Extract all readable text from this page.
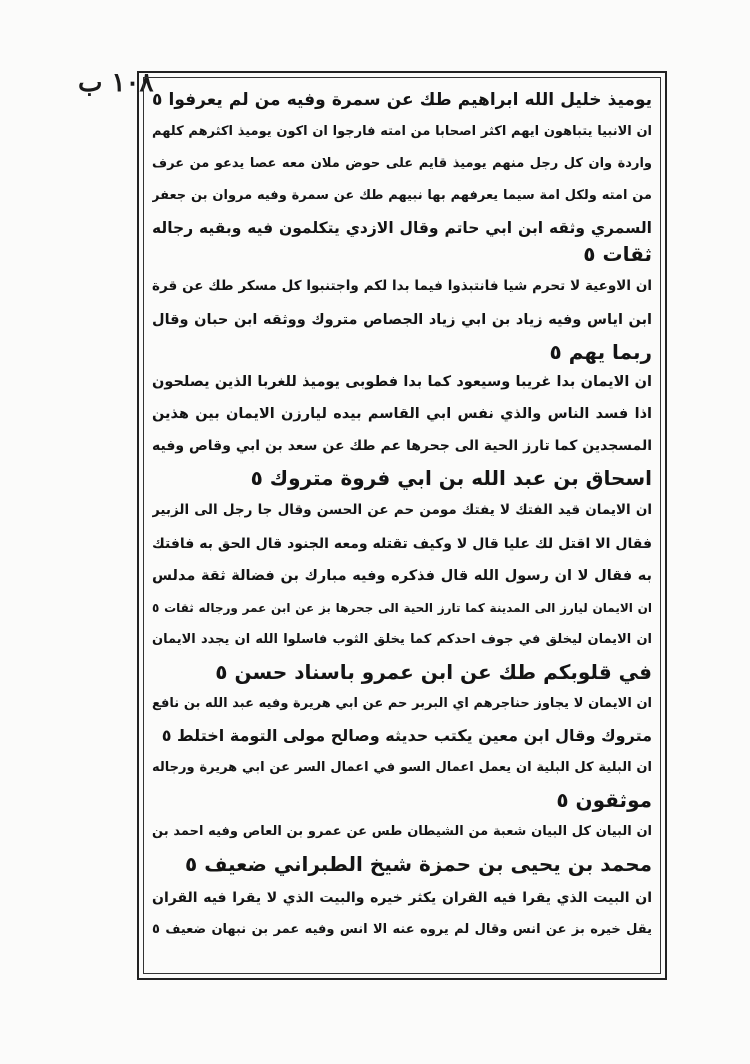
١٠٨ ب
يوميذ خليل الله ابراهيم طك عن سمرة وفيه من لم يعرفوا ٥
ان الانبيا يتباهون ايهم اكثر اصحابا من امته فارجوا ان اكون يوميذ اكثرهم كلهم
واردة وان كل رجل منهم يوميذ قايم على حوض ملان معه عصا يدعو من عرف
من امته ولكل امة سيما يعرفهم بها نبيهم طك عن سمرة وفيه مروان بن جعفر
السمري وثقه ابن ابي حاتم وقال الازدي يتكلمون فيه وبقيه رجاله
ثقات ٥
ان الاوعية لا تحرم شيا فانتبذوا فيما بدا لكم واجتنبوا كل مسكر طك عن قرة
ابن اياس وفيه زياد بن ابي زياد الجصاص متروك ووثقه ابن حبان وقال
ربما يهم ٥
ان الايمان بدا غريبا وسيعود كما بدا فطوبى يوميذ للغربا الذين يصلحون
اذا فسد الناس والذي نفس ابي القاسم بيده ليارزن الايمان بين هذين
المسجدين كما تارز الحية الى جحرها عم طك عن سعد بن ابي وقاص وفيه
اسحاق بن عبد الله بن ابي فروة متروك ٥
ان الايمان قيد الفتك لا يفتك مومن حم عن الحسن وقال جا رجل الى الزبير
فقال الا اقتل لك عليا قال لا وكيف تقتله ومعه الجنود قال الحق به فافتك
به فقال لا ان رسول الله قال فذكره وفيه مبارك بن فضالة ثقة مدلس
ان الايمان ليارز الى المدينة كما تارز الحية الى جحرها بز عن ابن عمر ورجاله ثقات ٥
ان الايمان ليخلق في جوف احدكم كما يخلق الثوب فاسلوا الله ان يجدد الايمان
في قلوبكم طك عن ابن عمرو باسناد حسن ٥
ان الايمان لا يجاوز حناجرهم اي البربر حم عن ابي هريرة وفيه عبد الله بن نافع
متروك وقال ابن معين يكتب حديثه وصالح مولى التومة اختلط ٥
ان البلية كل البلية ان يعمل اعمال السو في اعمال السر عن ابي هريرة ورجاله
موثقون ٥
ان البيان كل البيان شعبة من الشيطان طس عن عمرو بن العاص وفيه احمد بن
محمد بن يحيى بن حمزة شيخ الطبراني ضعيف ٥
ان البيت الذي يقرا فيه القران يكثر خيره والبيت الذي لا يقرا فيه القران
يقل خيره بز عن انس وقال لم يروه عنه الا انس وفيه عمر بن نبهان ضعيف ٥
